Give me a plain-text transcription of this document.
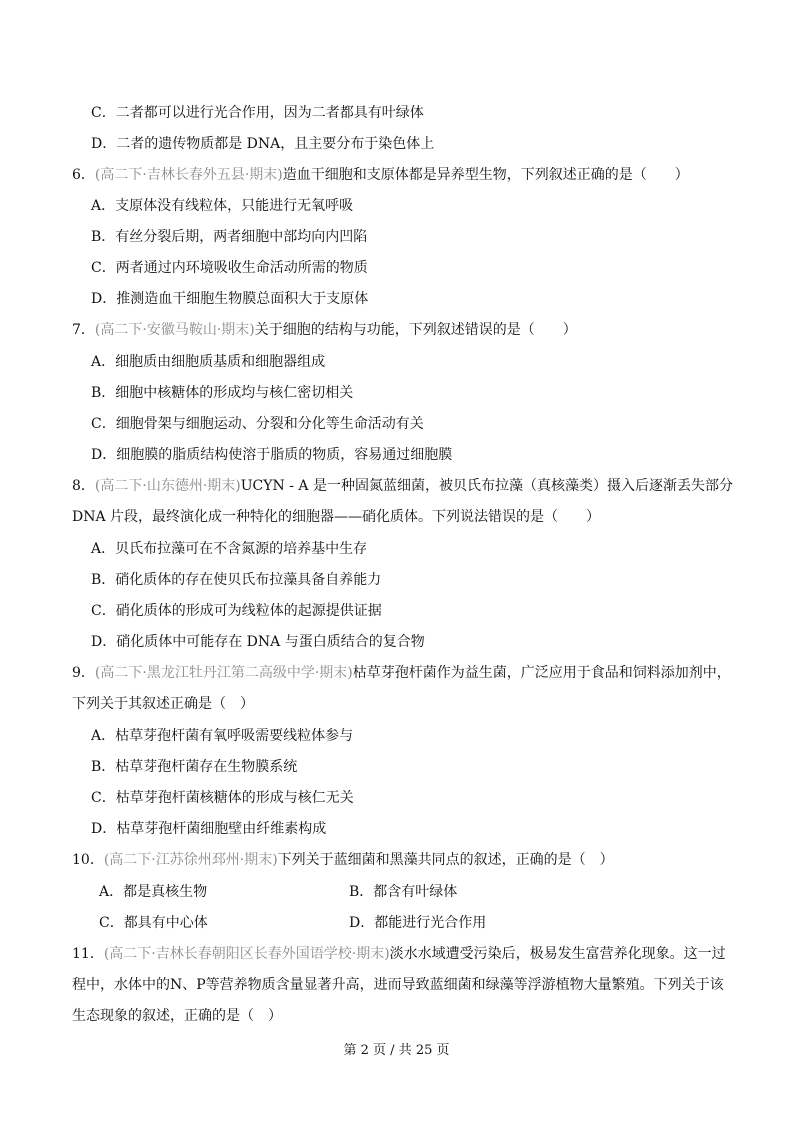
C．二者都可以进行光合作用，因为二者都具有叶绿体
D．二者的遗传物质都是 DNA，且主要分布于染色体上
6．(高二下·吉林长春外五县·期末)造血干细胞和支原体都是异养型生物，下列叙述正确的是（　　）
A．支原体没有线粒体，只能进行无氧呼吸
B．有丝分裂后期，两者细胞中部均向内凹陷
C．两者通过内环境吸收生命活动所需的物质
D．推测造血干细胞生物膜总面积大于支原体
7．(高二下·安徽马鞍山·期末)关于细胞的结构与功能，下列叙述错误的是（　　）
A．细胞质由细胞质基质和细胞器组成
B．细胞中核糖体的形成均与核仁密切相关
C．细胞骨架与细胞运动、分裂和分化等生命活动有关
D．细胞膜的脂质结构使溶于脂质的物质，容易通过细胞膜
8．(高二下·山东德州·期末)UCYN - A 是一种固氮蓝细菌，被贝氏布拉藻（真核藻类）摄入后逐渐丢失部分
DNA 片段，最终演化成一种特化的细胞器——硝化质体。下列说法错误的是（　　）
A．贝氏布拉藻可在不含氮源的培养基中生存
B．硝化质体的存在使贝氏布拉藻具备自养能力
C．硝化质体的形成可为线粒体的起源提供证据
D．硝化质体中可能存在 DNA 与蛋白质结合的复合物
9．(高二下·黑龙江牡丹江第二高级中学·期末)枯草芽孢杆菌作为益生菌，广泛应用于食品和饲料添加剂中，
下列关于其叙述正确是（　）
A．枯草芽孢杆菌有氧呼吸需要线粒体参与
B．枯草芽孢杆菌存在生物膜系统
C．枯草芽孢杆菌核糖体的形成与核仁无关
D．枯草芽孢杆菌细胞壁由纤维素构成
10．(高二下·江苏徐州邳州·期末)下列关于蓝细菌和黑藻共同点的叙述，正确的是（　）
A．都是真核生物	B．都含有叶绿体
C．都具有中心体	D．都能进行光合作用
11．(高二下·吉林长春朝阳区长春外国语学校·期末)淡水水域遭受污染后，极易发生富营养化现象。这一过
程中，水体中的N、P等营养物质含量显著升高，进而导致蓝细菌和绿藻等浮游植物大量繁殖。下列关于该
生态现象的叙述，正确的是（　）
第 2 页 / 共 25 页
